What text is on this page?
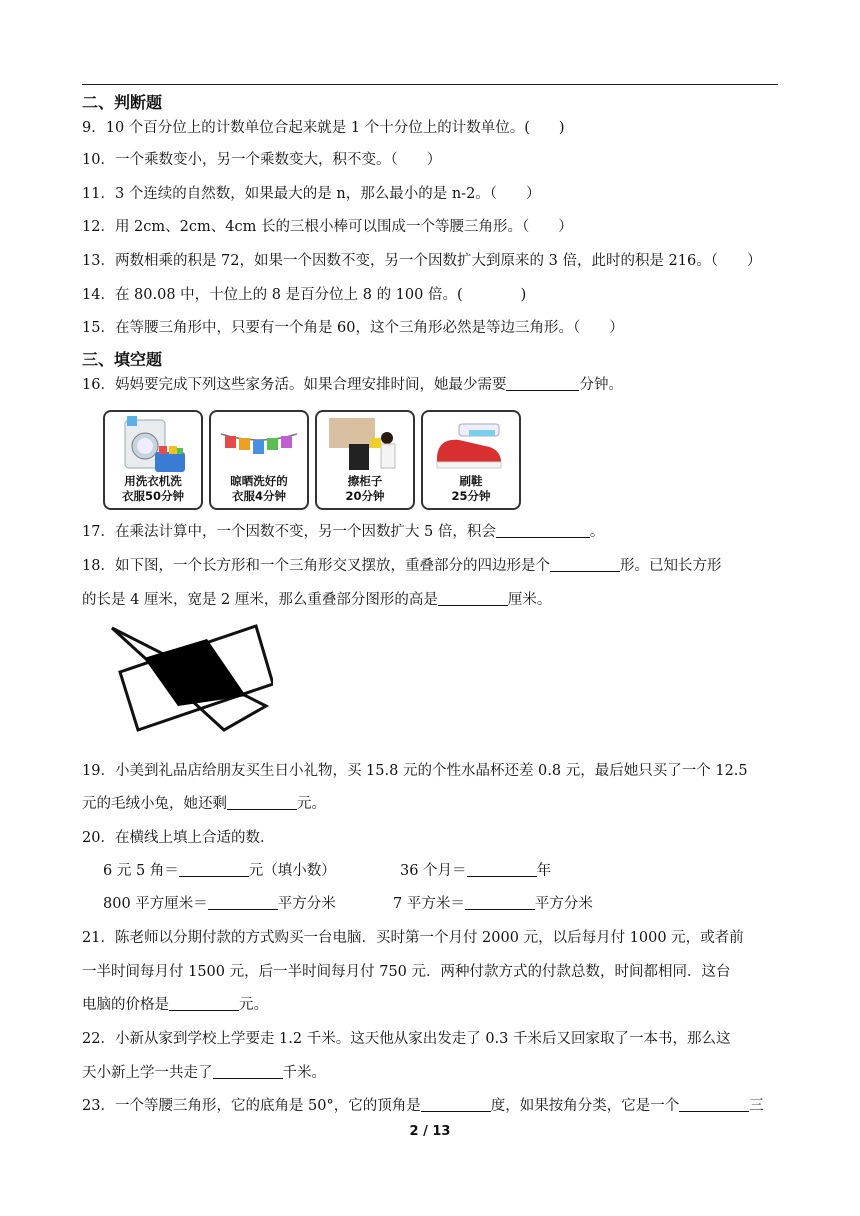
二、判断题
9．10 个百分位上的计数单位合起来就是 1 个十分位上的计数单位。(　　)
10．一个乘数变小，另一个乘数变大，积不变。（　　）
11．3 个连续的自然数，如果最大的是 n，那么最小的是 n-2。（　　）
12．用 2cm、2cm、4cm 长的三根小棒可以围成一个等腰三角形。（　　）
13．两数相乘的积是 72，如果一个因数不变，另一个因数扩大到原来的 3 倍，此时的积是 216。（　　）
14．在 80.08 中，十位上的 8 是百分位上 8 的 100 倍。(　　　　)
15．在等腰三角形中，只要有一个角是 60，这个三角形必然是等边三角形。（　　）
三、填空题
16．妈妈要完成下列这些家务活。如果合理安排时间，她最少需要	分钟。
用洗衣机洗
衣服50分钟
晾晒洗好的
衣服4分钟
擦柜子
20分钟
刷鞋
25分钟
17．在乘法计算中，一个因数不变，另一个因数扩大 5 倍，积会	。
18．如下图，一个长方形和一个三角形交叉摆放，重叠部分的四边形是个	形。已知长方形
的长是 4 厘米，宽是 2 厘米，那么重叠部分图形的高是	厘米。
19．小美到礼品店给朋友买生日小礼物，买 15.8 元的个性水晶杯还差 0.8 元，最后她只买了一个 12.5
元的毛绒小兔，她还剩	元。
20．在横线上填上合适的数．
6 元 5 角＝	元（填小数）	36 个月＝	年
800 平方厘米＝	平方分米	7 平方米＝	平方分米
21．陈老师以分期付款的方式购买一台电脑．买时第一个月付 2000 元，以后每月付 1000 元，或者前
一半时间每月付 1500 元，后一半时间每月付 750 元．两种付款方式的付款总数，时间都相同．这台
电脑的价格是	元。
22．小新从家到学校上学要走 1.2 千米。这天他从家出发走了 0.3 千米后又回家取了一本书，那么这
天小新上学一共走了	千米。
23．一个等腰三角形，它的底角是 50°，它的顶角是	度，如果按角分类，它是一个	三
2 / 13
